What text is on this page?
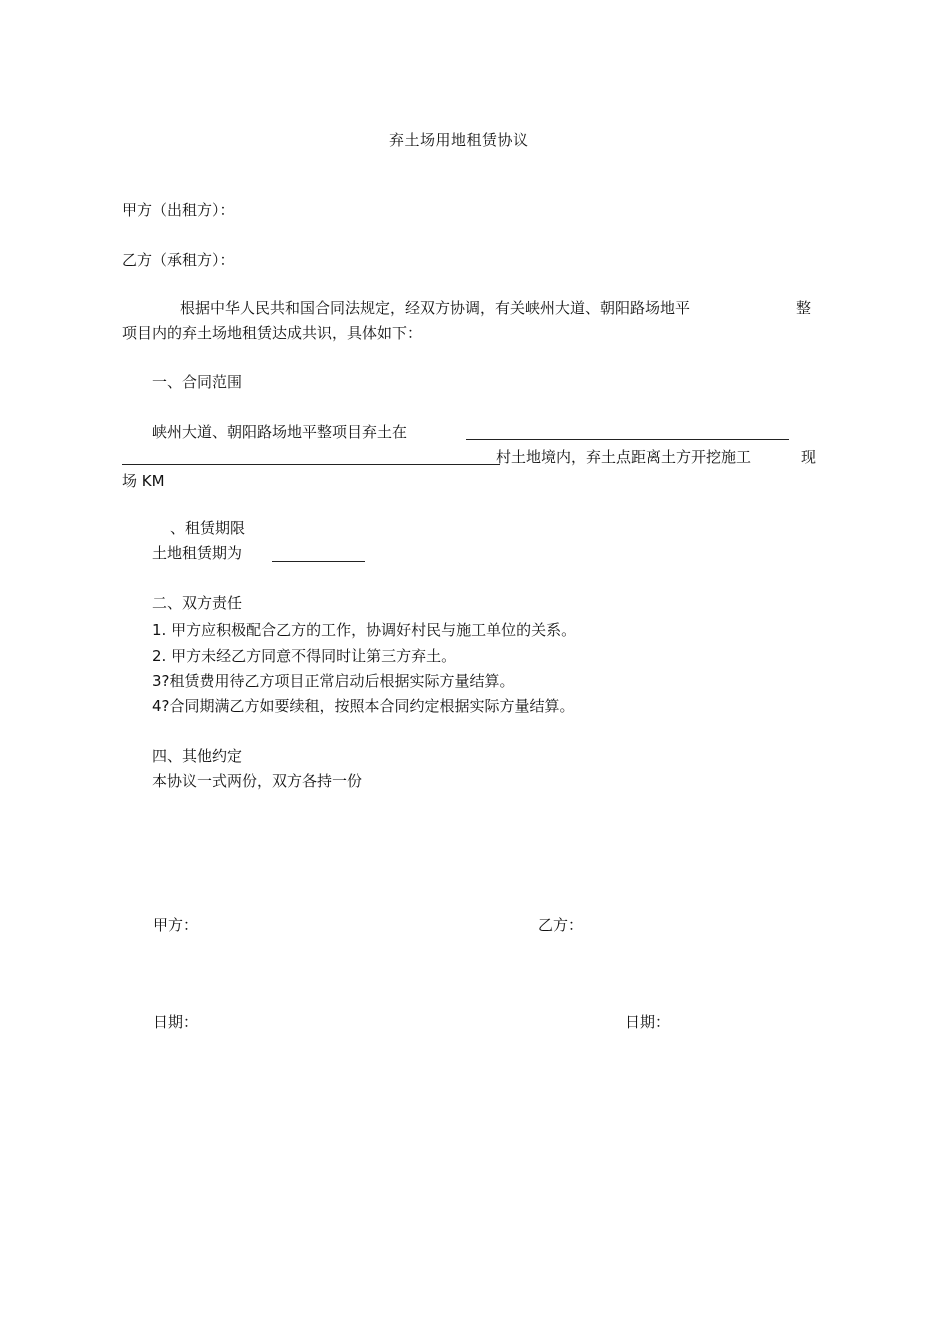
弃土场用地租赁协议
甲方（出租方）：
乙方（承租方）：
根据中华人民共和国合同法规定，经双方协调，有关峡州大道、朝阳路场地平	整
项目内的弃土场地租赁达成共识，具体如下：
一、合同范围
峡州大道、朝阳路场地平整项目弃土在
村土地境内，弃土点距离土方开挖施工	现
场 KM
、租赁期限
土地租赁期为
二、双方责任
1. 甲方应积极配合乙方的工作，协调好村民与施工单位的关系。
2. 甲方未经乙方同意不得同时让第三方弃土。
3?租赁费用待乙方项目正常启动后根据实际方量结算。
4?合同期满乙方如要续租，按照本合同约定根据实际方量结算。
四、其他约定
本协议一式两份，双方各持一份
甲方：	乙方：
日期：	日期：
